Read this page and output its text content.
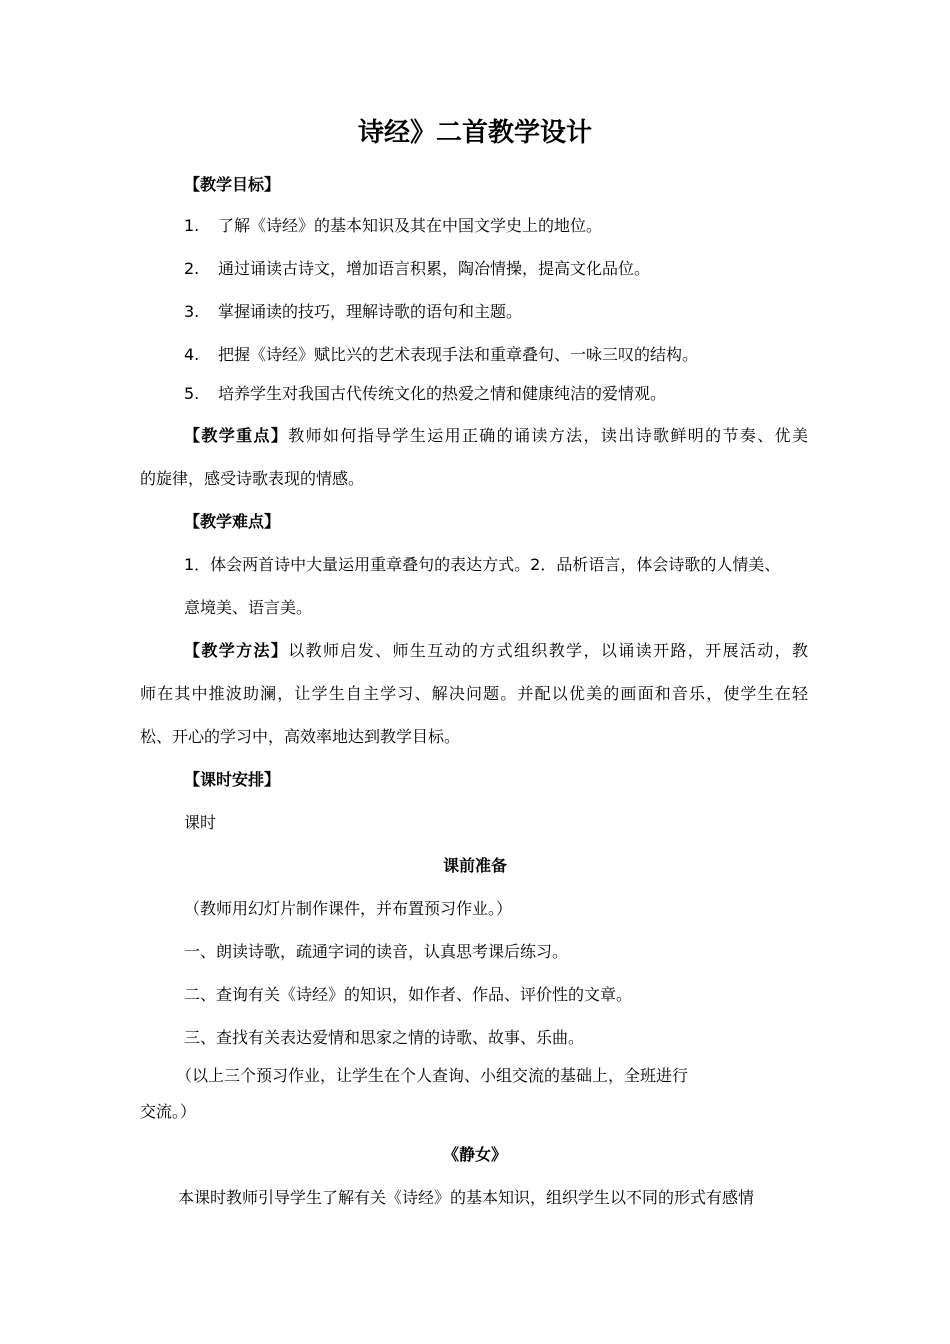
诗经》二首教学设计
【教学目标】
1. 了解《诗经》的基本知识及其在中国文学史上的地位。
2. 通过诵读古诗文，增加语言积累，陶冶情操，提高文化品位。
3. 掌握诵读的技巧，理解诗歌的语句和主题。
4. 把握《诗经》赋比兴的艺术表现手法和重章叠句、一咏三叹的结构。
5. 培养学生对我国古代传统文化的热爱之情和健康纯洁的爱情观。
【教学重点】教师如何指导学生运用正确的诵读方法，读出诗歌鲜明的节奏、优美
的旋律，感受诗歌表现的情感。
【教学难点】
1．体会两首诗中大量运用重章叠句的表达方式。2．品析语言，体会诗歌的人情美、
意境美、语言美。
【教学方法】以教师启发、师生互动的方式组织教学，以诵读开路，开展活动，教
师在其中推波助澜，让学生自主学习、解决问题。并配以优美的画面和音乐，使学生在轻
松、开心的学习中，高效率地达到教学目标。
【课时安排】
课时
课前准备
（教师用幻灯片制作课件，并布置预习作业。）
一、朗读诗歌，疏通字词的读音，认真思考课后练习。
二、查询有关《诗经》的知识，如作者、作品、评价性的文章。
三、查找有关表达爱情和思家之情的诗歌、故事、乐曲。
（以上三个预习作业，让学生在个人查询、小组交流的基础上，全班进行
交流。）
《静女》
本课时教师引导学生了解有关《诗经》的基本知识，组织学生以不同的形式有感情
